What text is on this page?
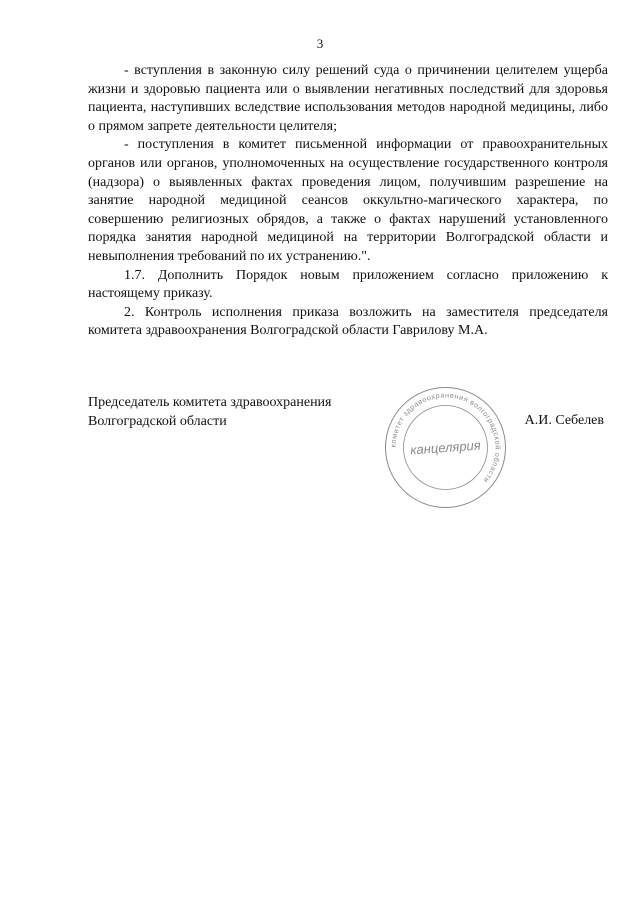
3

- вступления в законную силу решений суда о причинении целителем ущерба жизни и здоровью пациента или о выявлении негативных последствий для здоровья пациента, наступивших вследствие использования методов народной медицины, либо о прямом запрете деятельности целителя;

- поступления в комитет письменной информации от правоохранительных органов или органов, уполномоченных на осуществление государственного контроля (надзора) о выявленных фактах проведения лицом, получившим разрешение на занятие народной медициной сеансов оккультно-магического характера, по совершению религиозных обрядов, а также о фактах нарушений установленного порядка занятия народной медициной на территории Волгоградской области и невыполнения требований по их устранению.".

1.7. Дополнить Порядок новым приложением согласно приложению к настоящему приказу.

2. Контроль исполнения приказа возложить на заместителя председателя комитета здравоохранения Волгоградской области Гаврилову М.А.

Председатель комитета здравоохранения Волгоградской области	А.И. Себелев
комитет здравоохранения волгоградской области
канцелярия
